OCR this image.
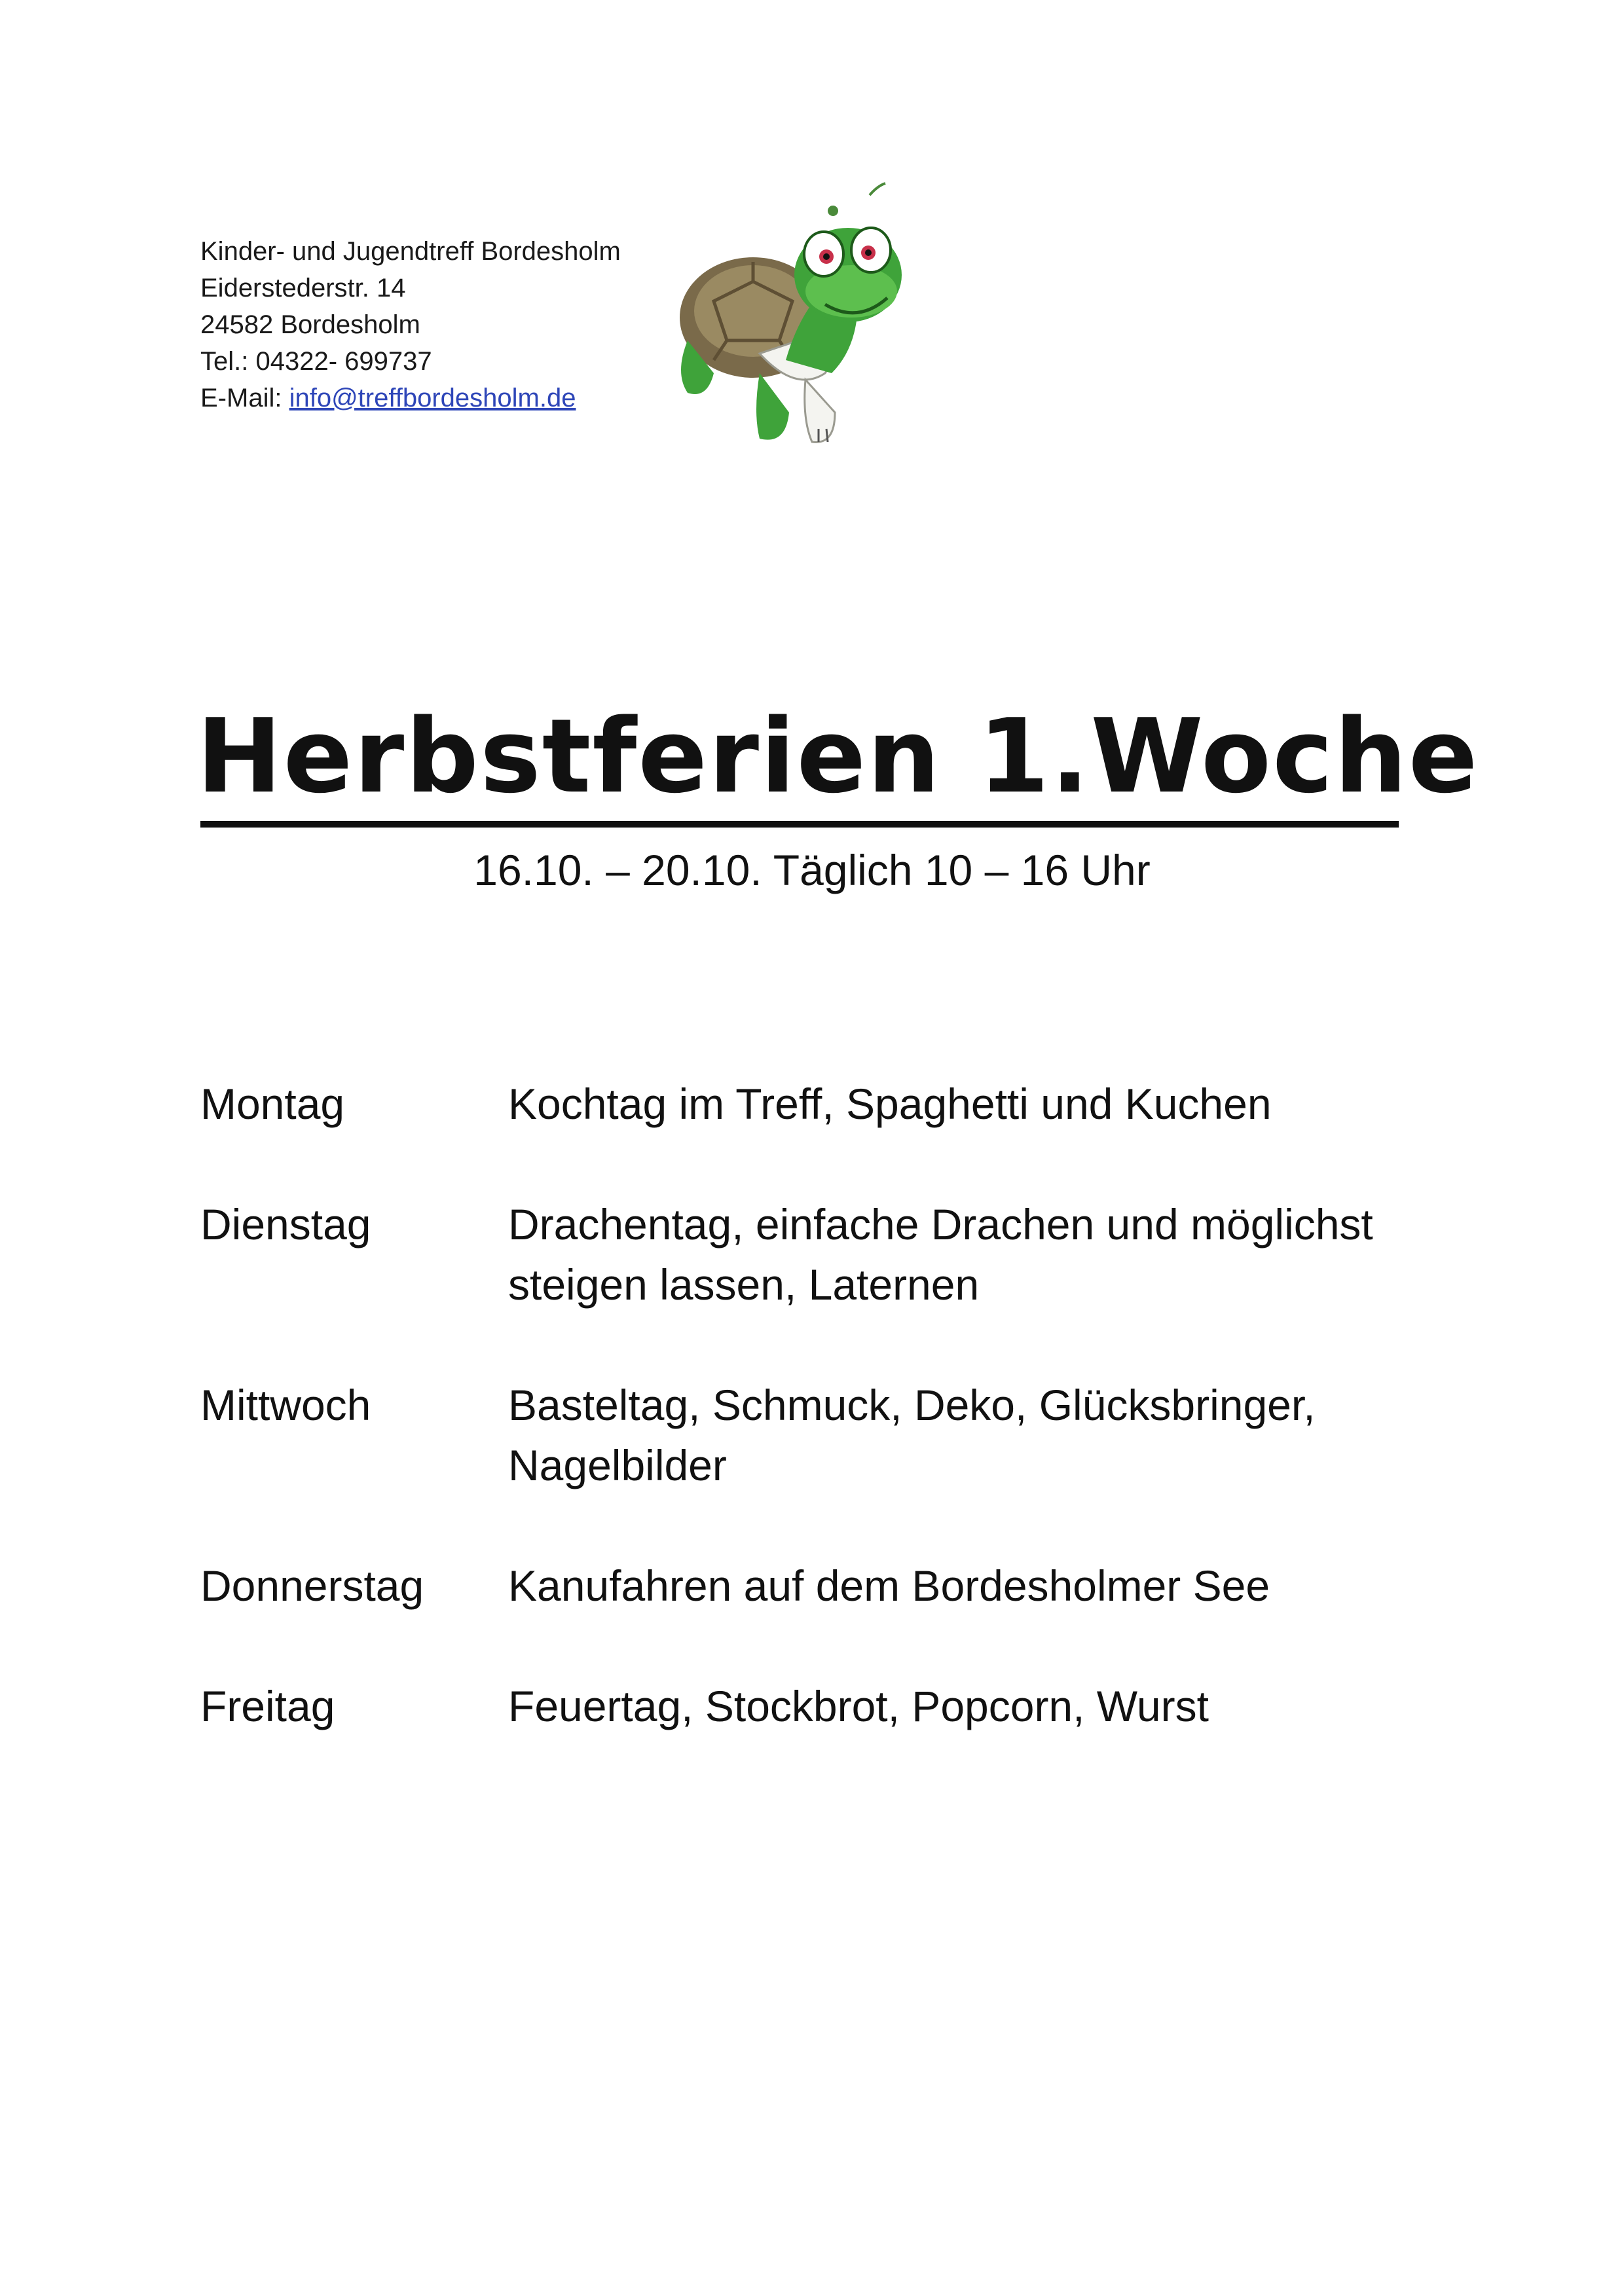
Kinder- und Jugendtreff Bordesholm
Eiderstederstr. 14
24582 Bordesholm
Tel.: 04322- 699737
E-Mail: info@treffbordesholm.de
Herbstferien 1.Woche
16.10. – 20.10. Täglich 10 – 16 Uhr
Montag	Kochtag im Treff, Spaghetti und Kuchen
Dienstag	Drachentag, einfache Drachen und möglichst steigen lassen, Laternen
Mittwoch	Basteltag, Schmuck, Deko, Glücksbringer, Nagelbilder
Donnerstag	Kanufahren auf dem Bordesholmer See
Freitag	Feuertag, Stockbrot, Popcorn, Wurst
